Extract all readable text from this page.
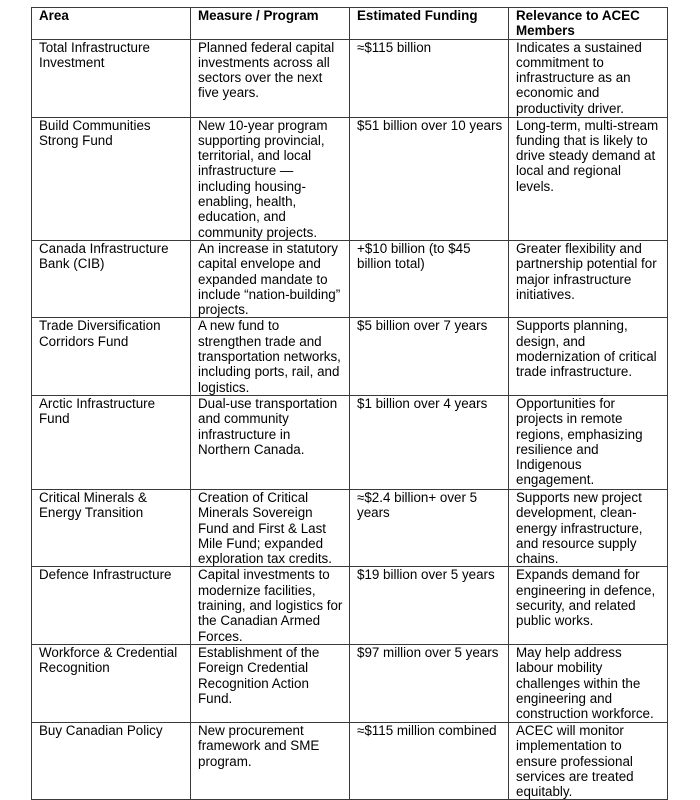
Area	Measure / Program	Estimated Funding	Relevance to ACEC Members
Total Infrastructure Investment	Planned federal capital investments across all sectors over the next five years.	≈$115 billion	Indicates a sustained commitment to infrastructure as an economic and productivity driver.
Build Communities Strong Fund	New 10-year program supporting provincial, territorial, and local infrastructure — including housing-enabling, health, education, and community projects.	$51 billion over 10 years	Long-term, multi-stream funding that is likely to drive steady demand at local and regional levels.
Canada Infrastructure Bank (CIB)	An increase in statutory capital envelope and expanded mandate to include “nation-building” projects.	+$10 billion (to $45 billion total)	Greater flexibility and partnership potential for major infrastructure initiatives.
Trade Diversification Corridors Fund	A new fund to strengthen trade and transportation networks, including ports, rail, and logistics.	$5 billion over 7 years	Supports planning, design, and modernization of critical trade infrastructure.
Arctic Infrastructure Fund	Dual-use transportation and community infrastructure in Northern Canada.	$1 billion over 4 years	Opportunities for projects in remote regions, emphasizing resilience and Indigenous engagement.
Critical Minerals & Energy Transition	Creation of Critical Minerals Sovereign Fund and First & Last Mile Fund; expanded exploration tax credits.	≈$2.4 billion+ over 5 years	Supports new project development, clean-energy infrastructure, and resource supply chains.
Defence Infrastructure	Capital investments to modernize facilities, training, and logistics for the Canadian Armed Forces.	$19 billion over 5 years	Expands demand for engineering in defence, security, and related public works.
Workforce & Credential Recognition	Establishment of the Foreign Credential Recognition Action Fund.	$97 million over 5 years	May help address labour mobility challenges within the engineering and construction workforce.
Buy Canadian Policy	New procurement framework and SME program.	≈$115 million combined	ACEC will monitor implementation to ensure professional services are treated equitably.
